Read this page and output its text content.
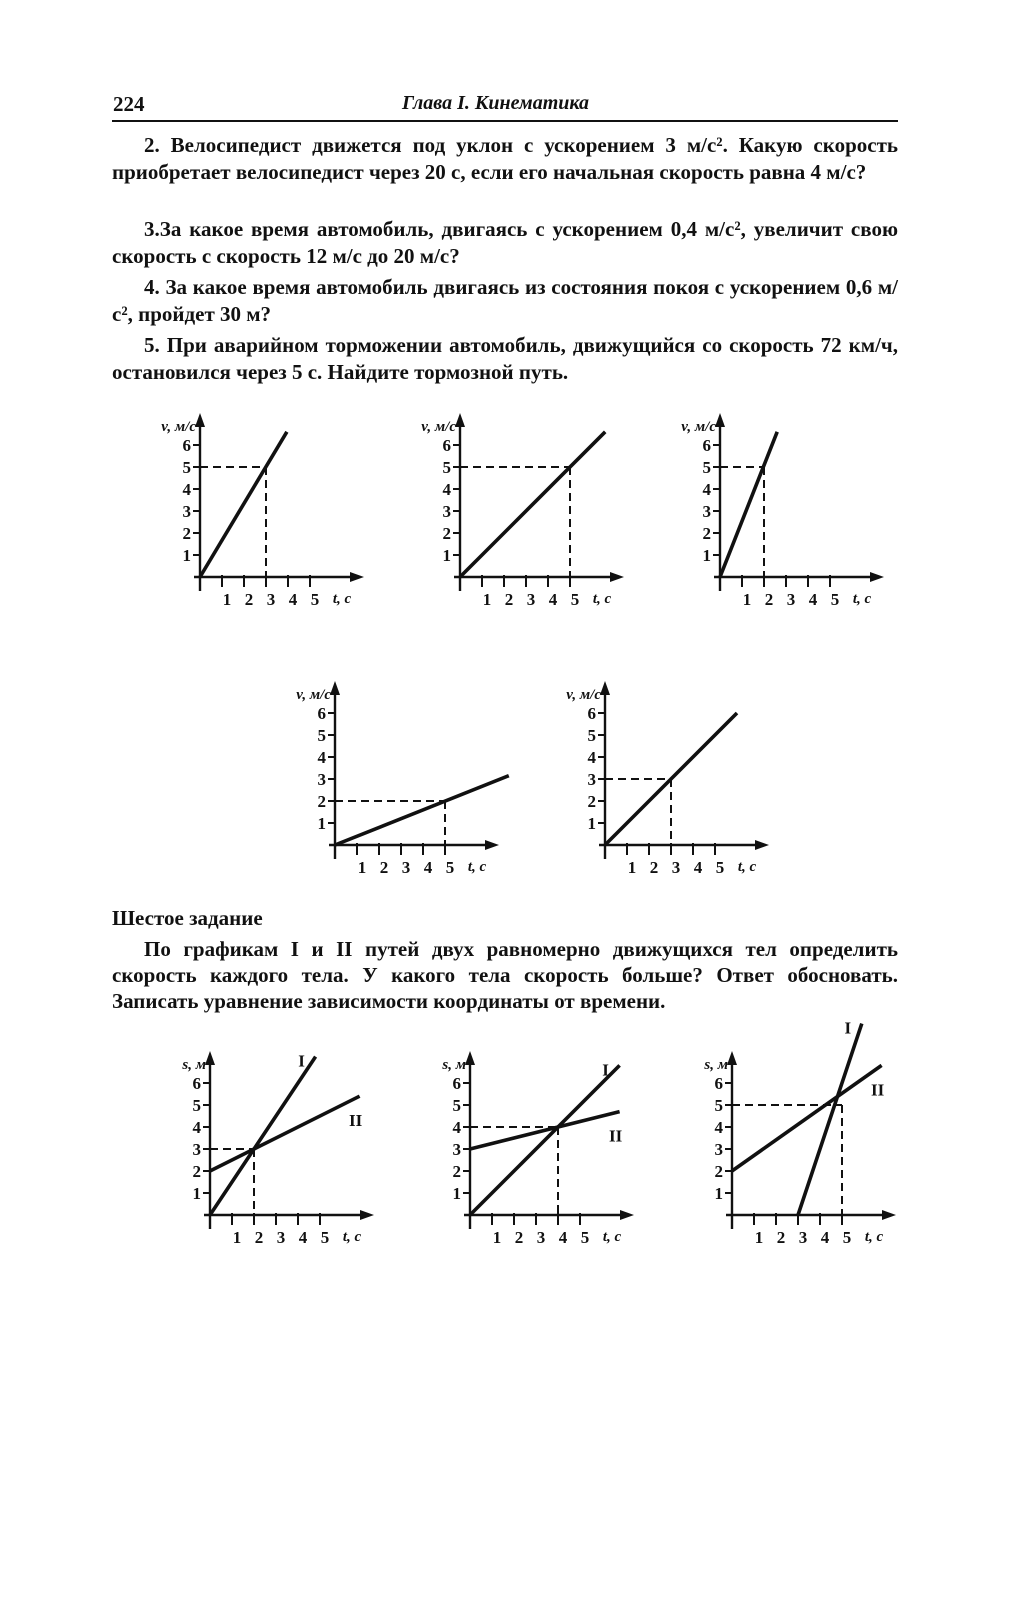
224	Глава I. Кинематика
2. Велосипедист движется под уклон с ускорением 3 м/с². Какую скорость приобретает велосипедист через 20 с, если его начальная скорость равна 4 м/с?
3.За какое время автомобиль, двигаясь с ускорением 0,4 м/с², увеличит свою скорость с скорость 12 м/с до 20 м/с?
4. За какое время автомобиль двигаясь из состояния покоя с ускорением 0,6 м/с², пройдет 30 м?
5. При аварийном торможении автомобиль, движущийся со скорость 72 км/ч, остановился через 5 с. Найдите тормозной путь.
1
2
3
4
5
6
1 2 3 4 5
v, м/с
t, с
1
2
3
4
5
6
1 2 3 4 5
v, м/с
t, с
1
2
3
4
5
6
1 2 3 4 5
v, м/с
t, с
1
2
3
4
5
6
1 2 3 4 5
v, м/с
t, с
1
2
3
4
5
6
1 2 3 4 5
v, м/с
t, с
Шестое задание
По графикам I и II путей двух равномерно движущихся тел определить скорость каждого тела. У какого тела скорость больше? Ответ обосновать. Записать уравнение зависимости координаты от времени.
1
2
3
4
5
6
1 2 3 4 5
s, м
t, с
I
II
1
2
3
4
5
6
1 2 3 4 5
s, м
t, с
I
II
1
2
3
4
5
6
1 2 3 4 5
s, м
t, с
I
II
